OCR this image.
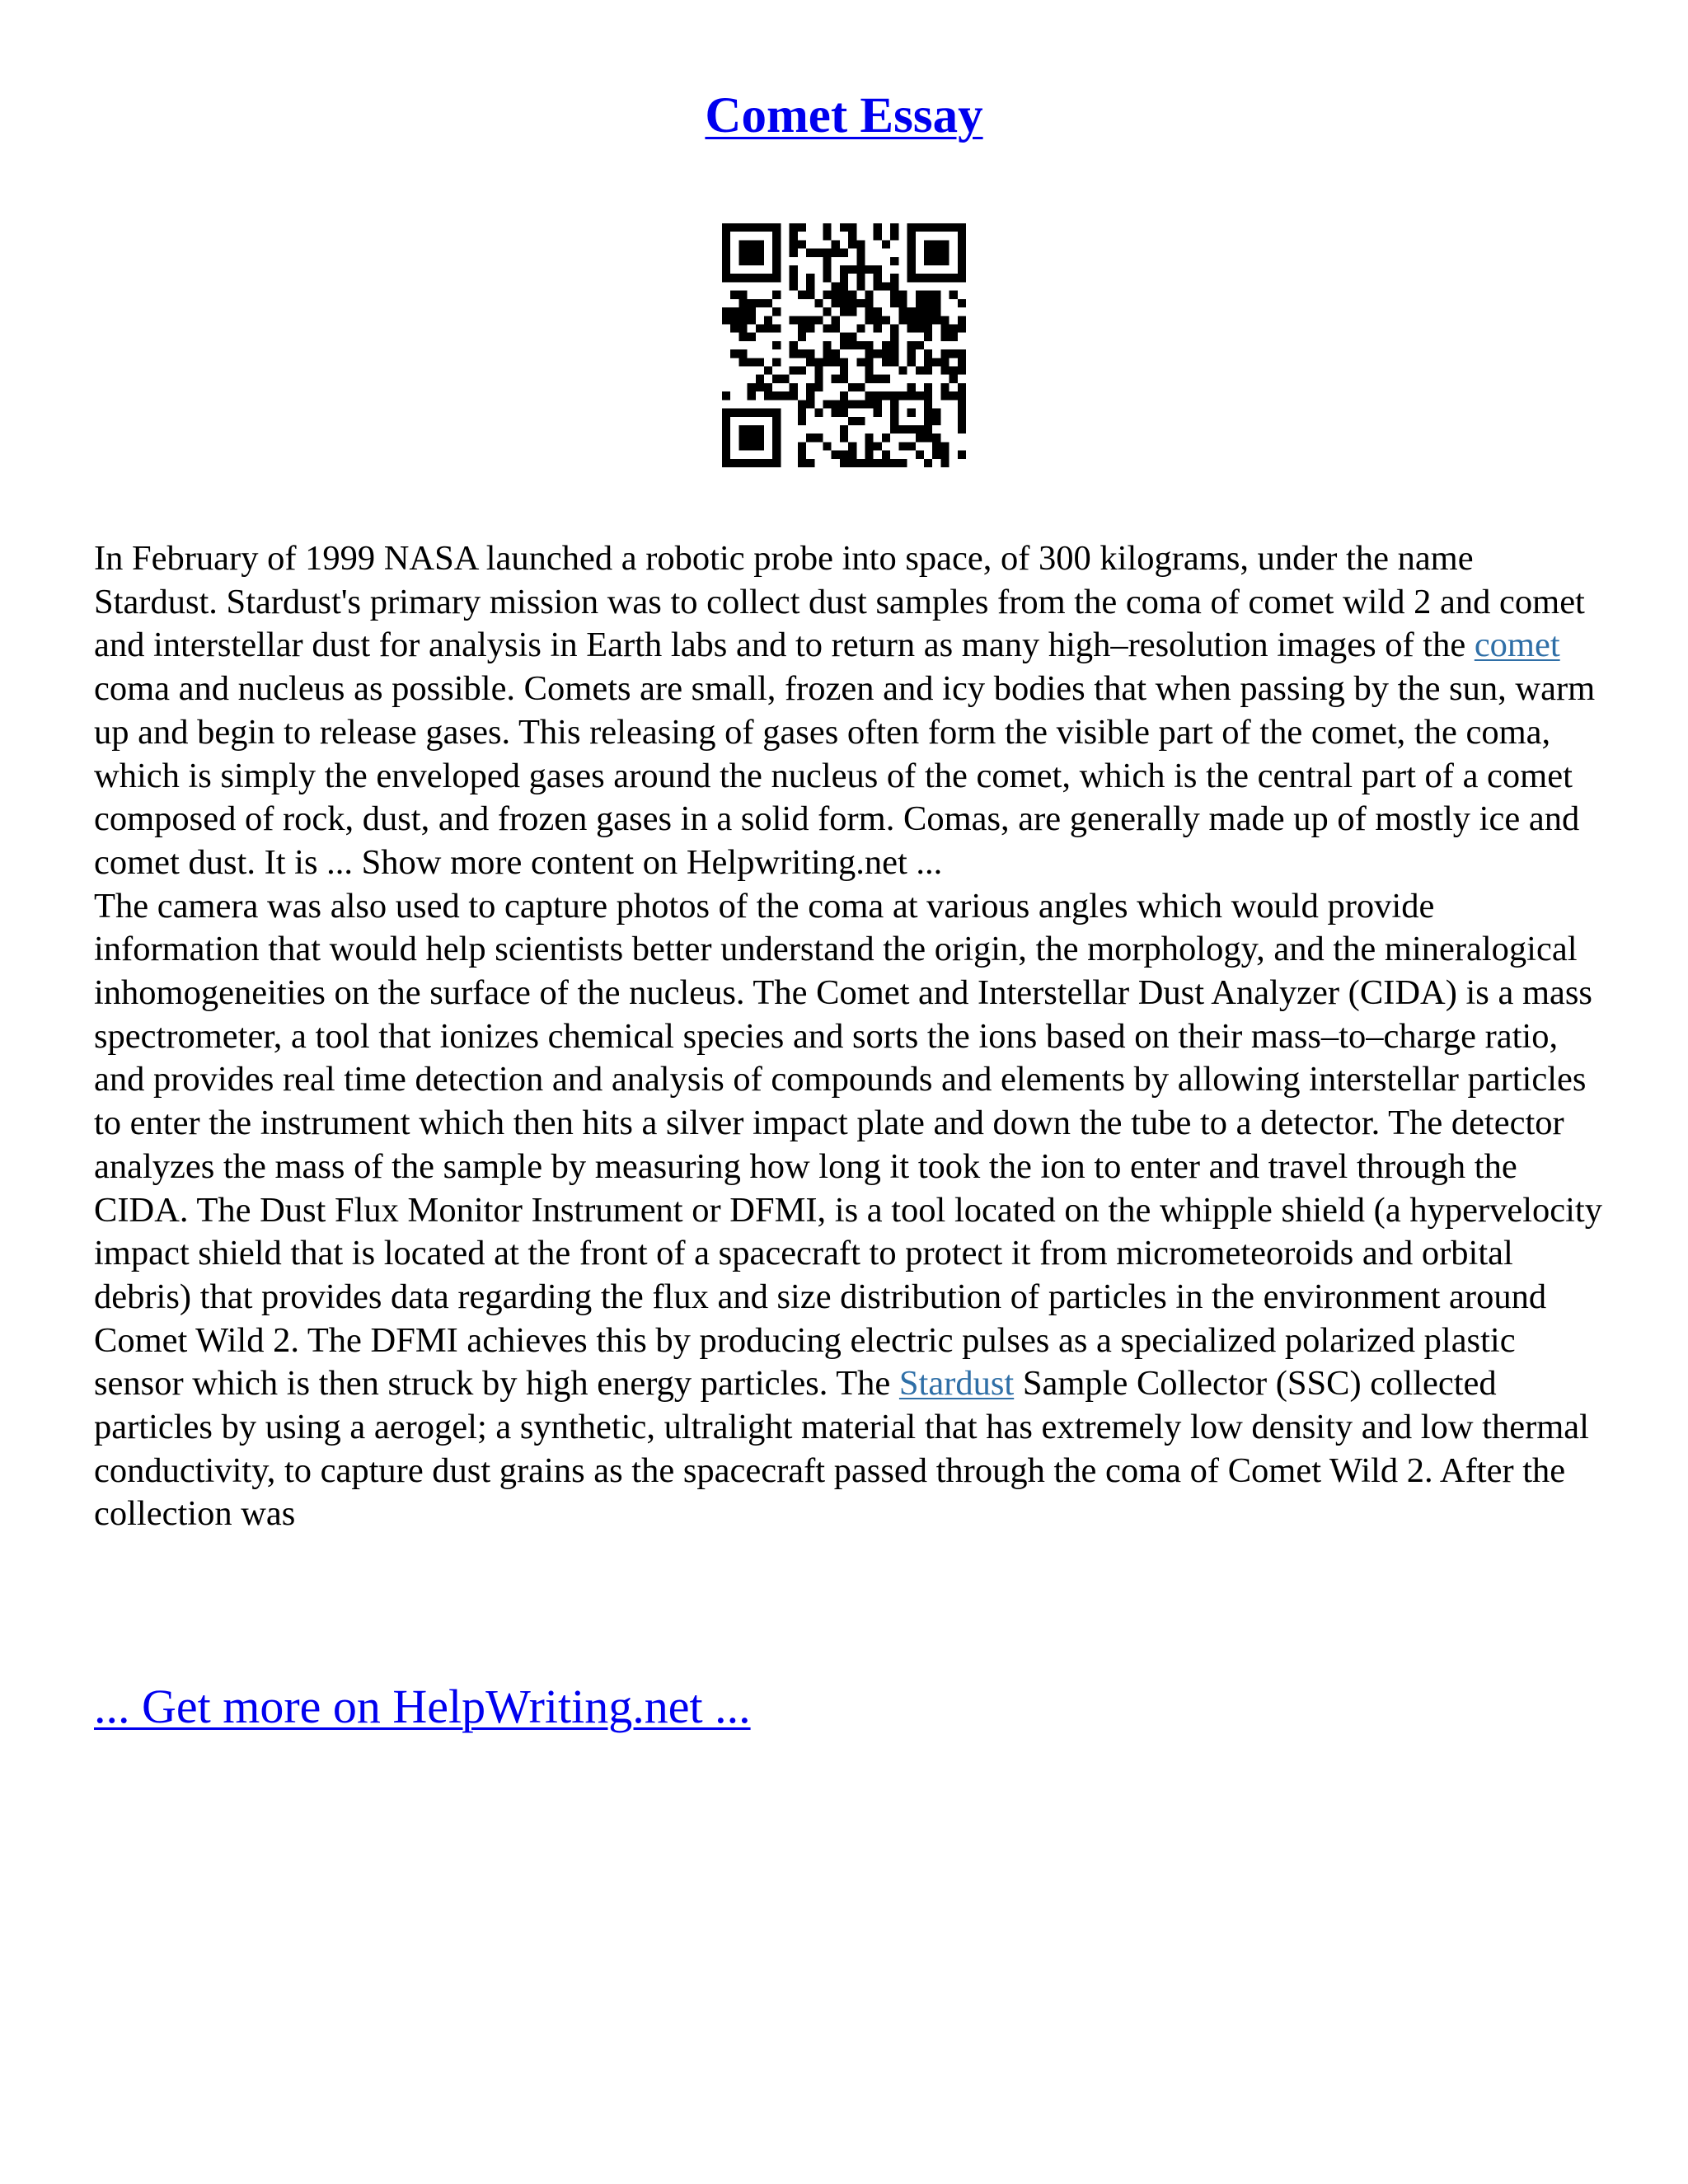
Comet Essay

In February of 1999 NASA launched a robotic probe into space, of 300 kilograms, under the name Stardust. Stardust's primary mission was to collect dust samples from the coma of comet wild 2 and comet and interstellar dust for analysis in Earth labs and to return as many high–resolution images of the comet coma and nucleus as possible. Comets are small, frozen and icy bodies that when passing by the sun, warm up and begin to release gases. This releasing of gases often form the visible part of the comet, the coma, which is simply the enveloped gases around the nucleus of the comet, which is the central part of a comet composed of rock, dust, and frozen gases in a solid form. Comas, are generally made up of mostly ice and comet dust. It is ... Show more content on Helpwriting.net ...

The camera was also used to capture photos of the coma at various angles which would provide information that would help scientists better understand the origin, the morphology, and the mineralogical inhomogeneities on the surface of the nucleus. The Comet and Interstellar Dust Analyzer (CIDA) is a mass spectrometer, a tool that ionizes chemical species and sorts the ions based on their mass–to–charge ratio, and provides real time detection and analysis of compounds and elements by allowing interstellar particles to enter the instrument which then hits a silver impact plate and down the tube to a detector. The detector analyzes the mass of the sample by measuring how long it took the ion to enter and travel through the CIDA. The Dust Flux Monitor Instrument or DFMI, is a tool located on the whipple shield (a hypervelocity impact shield that is located at the front of a spacecraft to protect it from micrometeoroids and orbital debris) that provides data regarding the flux and size distribution of particles in the environment around Comet Wild 2. The DFMI achieves this by producing electric pulses as a specialized polarized plastic sensor which is then struck by high energy particles. The Stardust Sample Collector (SSC) collected particles by using a aerogel; a synthetic, ultralight material that has extremely low density and low thermal conductivity, to capture dust grains as the spacecraft passed through the coma of Comet Wild 2. After the collection was

... Get more on HelpWriting.net ...
